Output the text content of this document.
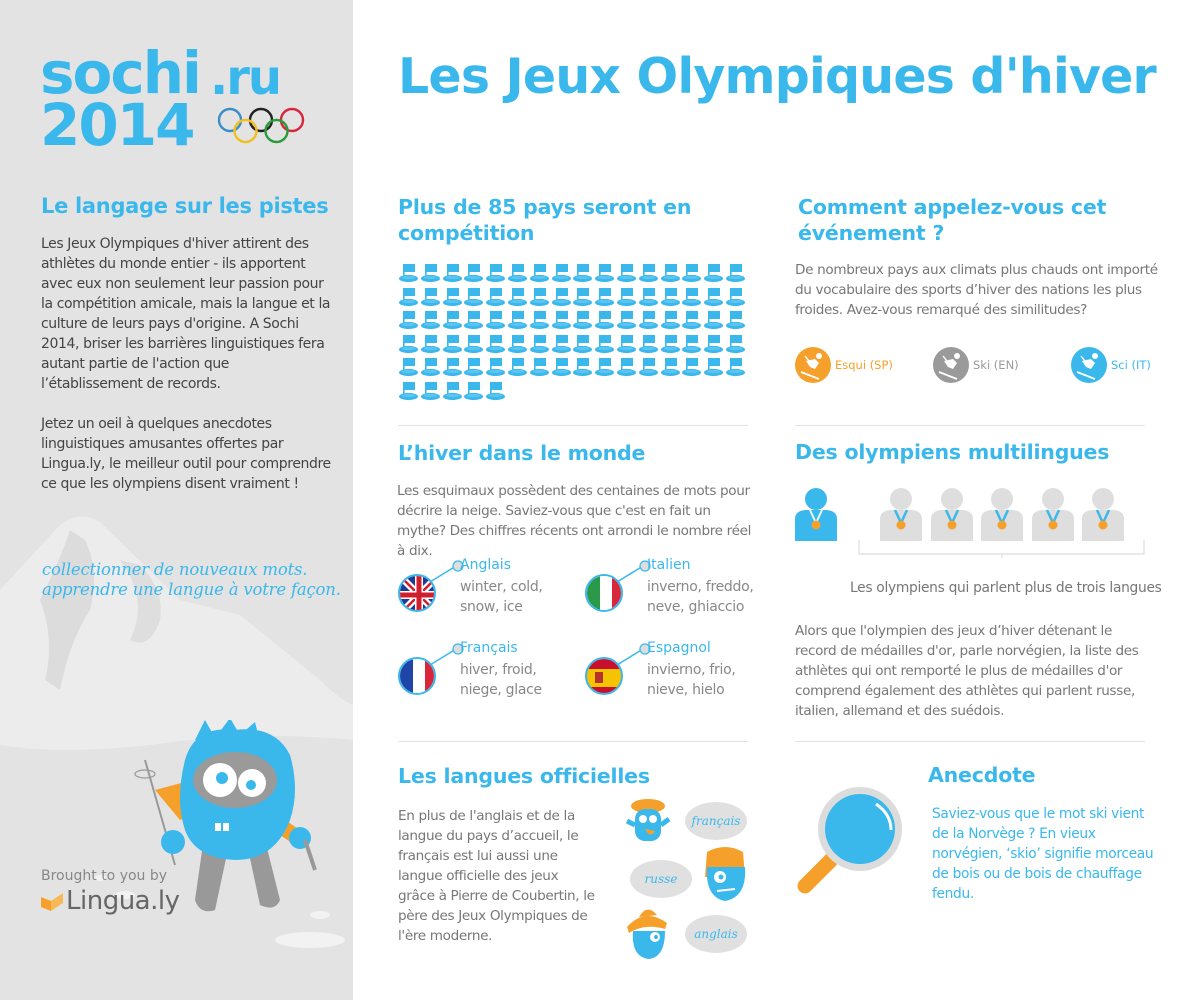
sochi .ru
2014
Le langage sur les pistes

Les Jeux Olympiques d'hiver attirent des athlètes du monde entier - ils apportent avec eux non seulement leur passion pour la compétition amicale, mais la langue et la culture de leurs pays d'origine. A Sochi 2014, briser les barrières linguistiques fera autant partie de l'action que l’établissement de records.

Jetez un oeil à quelques anecdotes linguistiques amusantes offertes par Lingua.ly, le meilleur outil pour comprendre ce que les olympiens disent vraiment !

collectionner de nouveaux mots.
apprendre une langue à votre façon.
Brought to you by
Lingua.ly
Les Jeux Olympiques d'hiver
Plus de 85 pays seront en compétition
Comment appelez-vous cet événement ?

De nombreux pays aux climats plus chauds ont importé du vocabulaire des sports d’hiver des nations les plus froides. Avez-vous remarqué des similitudes?

Esqui (SP)	Ski (EN)	Sci (IT)
L’hiver dans le monde

Les esquimaux possèdent des centaines de mots pour décrire la neige. Saviez-vous que c'est en fait un mythe? Des chiffres récents ont arrondi le nombre réel à dix.

Anglais
winter, cold,
snow, ice
Italien
inverno, freddo,
neve, ghiaccio
Français
hiver, froid,
niege, glace
Espagnol
invierno, frio,
nieve, hielo
Des olympiens multilingues
Les olympiens qui parlent plus de trois langues

Alors que l'olympien des jeux d’hiver détenant le record de médailles d'or, parle norvégien, la liste des athlètes qui ont remporté le plus de médailles d'or comprend également des athlètes qui parlent russe, italien, allemand et des suédois.

Les langues officielles

En plus de l'anglais et de la langue du pays d’accueil, le français est lui aussi une langue officielle des jeux grâce à Pierre de Coubertin, le père des Jeux Olympiques de l'ère moderne.

français
russe
anglais
Anecdote

Saviez-vous que le mot ski vient de la Norvège ? En vieux norvégien, ‘skio’ signifie morceau de bois ou de bois de chauffage fendu.
